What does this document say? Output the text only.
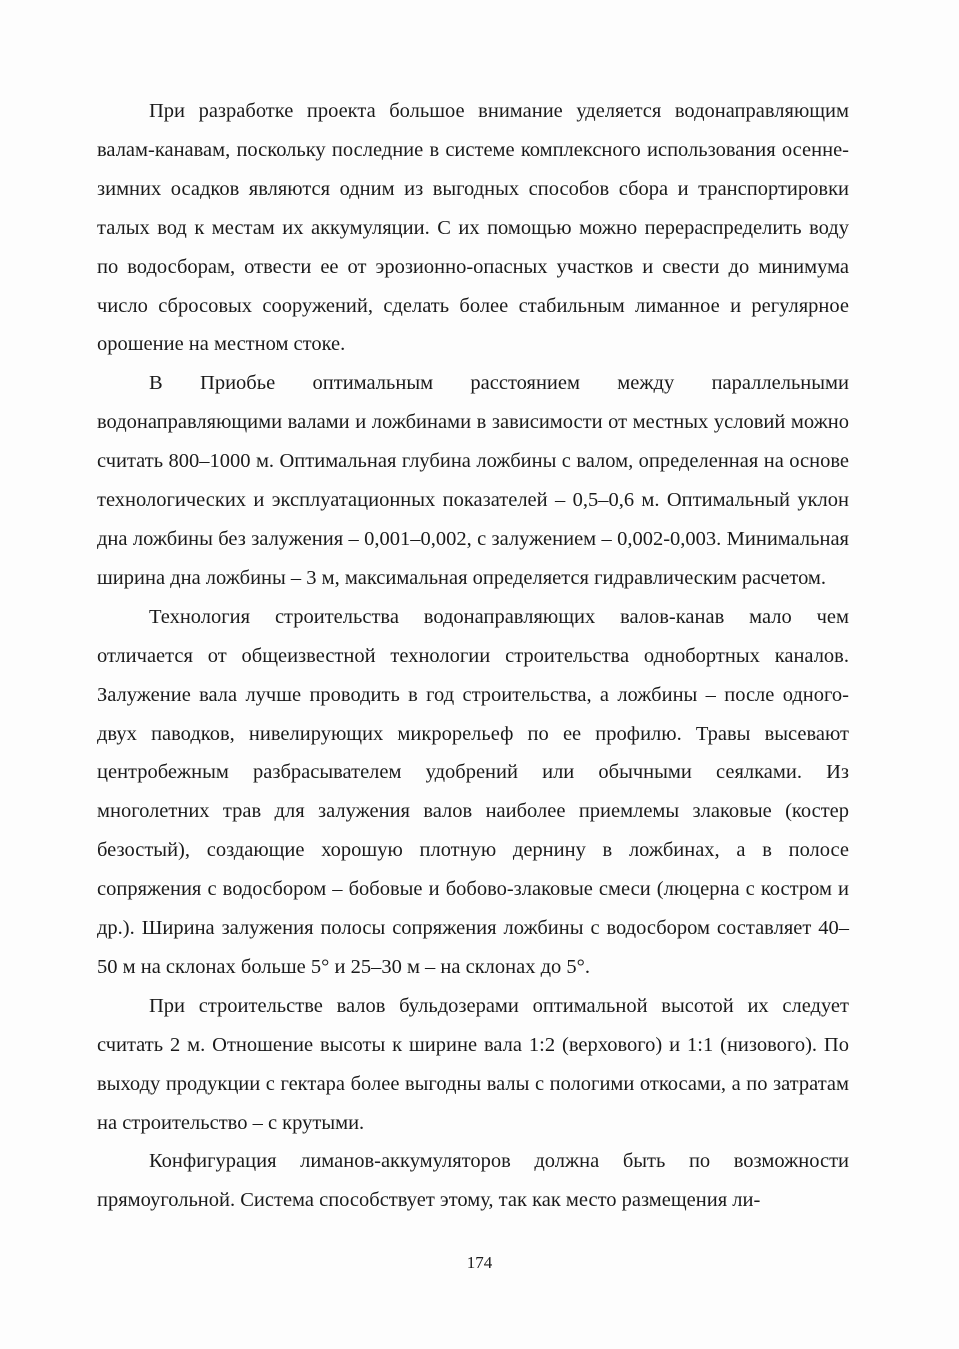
При разработке проекта большое внимание уделяется водонаправляющим валам-канавам, поскольку последние в системе комплексного использования осенне-зимних осадков являются одним из выгодных способов сбора и транспортировки талых вод к местам их аккумуляции. С их помощью можно перераспределить воду по водосборам, отвести ее от эрозионно-опасных участков и свести до минимума число сбросовых сооружений, сделать более стабильным лиманное и регулярное орошение на местном стоке.

В Приобье оптимальным расстоянием между параллельными водонаправляющими валами и ложбинами в зависимости от местных условий можно считать 800–1000 м. Оптимальная глубина ложбины с валом, определенная на основе технологических и эксплуатационных показателей – 0,5–0,6 м. Оптимальный уклон дна ложбины без залужения – 0,001–0,002, с залужением – 0,002-0,003. Минимальная ширина дна ложбины – 3 м, максимальная определяется гидравлическим расчетом.

Технология строительства водонаправляющих валов-канав мало чем отличается от общеизвестной технологии строительства однобортных каналов. Залужение вала лучше проводить в год строительства, а ложбины – после одного-двух паводков, нивелирующих микрорельеф по ее профилю. Травы высевают центробежным разбрасывателем удобрений или обычными сеялками. Из многолетних трав для залужения валов наиболее приемлемы злаковые (костер безостый), создающие хорошую плотную дернину в ложбинах, а в полосе сопряжения с водосбором – бобовые и бобово-злаковые смеси (люцерна с костром и др.). Ширина залужения полосы сопряжения ложбины с водосбором составляет 40–50 м на склонах больше 5° и 25–30 м – на склонах до 5°.

При строительстве валов бульдозерами оптимальной высотой их следует считать 2 м. Отношение высоты к ширине вала 1:2 (верхового) и 1:1 (низового). По выходу продукции с гектара более выгодны валы с пологими откосами, а по затратам на строительство – с крутыми.

Конфигурация лиманов-аккумуляторов должна быть по возможности прямоугольной. Система способствует этому, так как место размещения ли-

174
